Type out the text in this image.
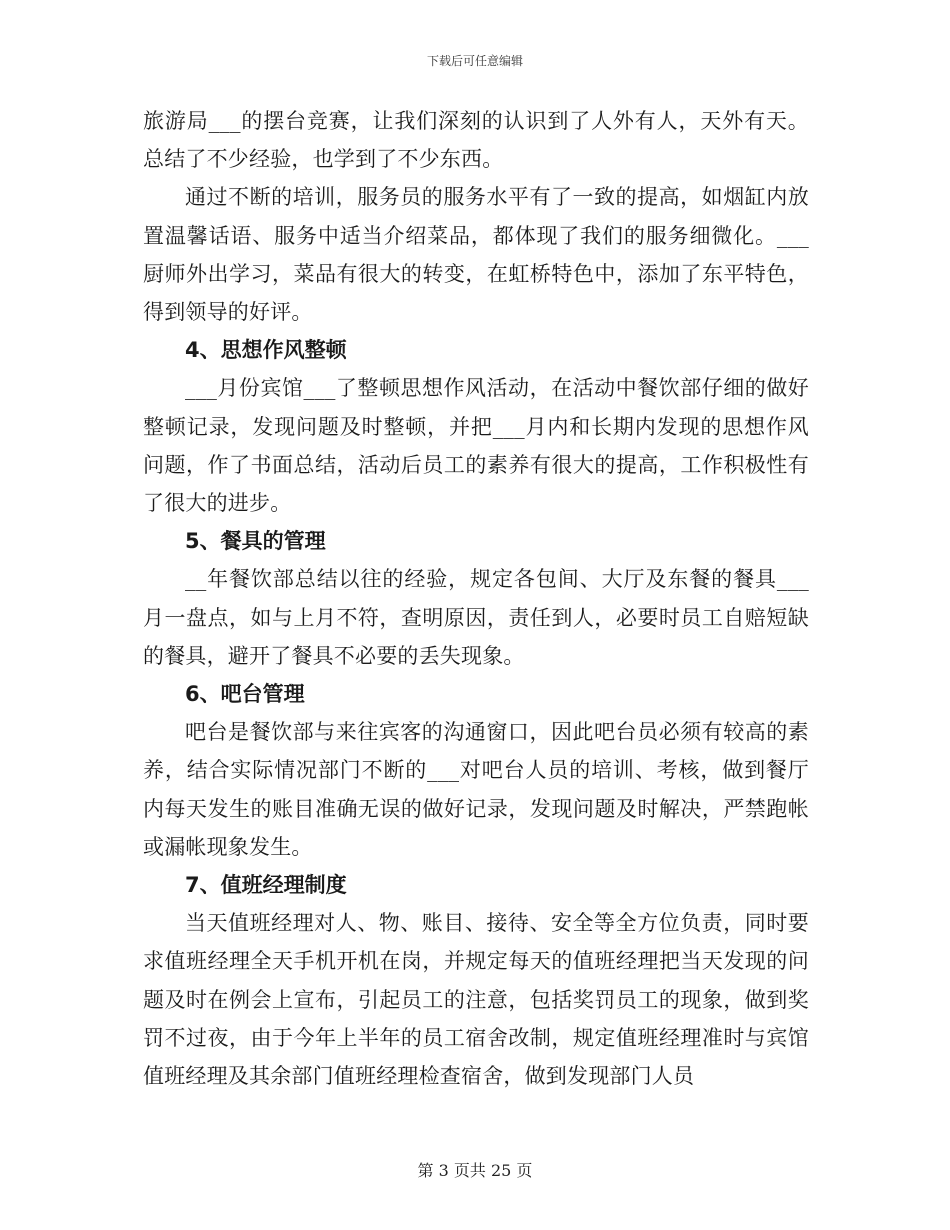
下载后可任意编辑

旅游局___的摆台竞赛，让我们深刻的认识到了人外有人，天外有天。总结了不少经验，也学到了不少东西。

通过不断的培训，服务员的服务水平有了一致的提高，如烟缸内放置温馨话语、服务中适当介绍菜品，都体现了我们的服务细微化。___厨师外出学习，菜品有很大的转变，在虹桥特色中，添加了东平特色，得到领导的好评。

4、思想作风整顿

___月份宾馆___了整顿思想作风活动，在活动中餐饮部仔细的做好整顿记录，发现问题及时整顿，并把___月内和长期内发现的思想作风问题，作了书面总结，活动后员工的素养有很大的提高，工作积极性有了很大的进步。

5、餐具的管理

__年餐饮部总结以往的经验，规定各包间、大厅及东餐的餐具___月一盘点，如与上月不符，查明原因，责任到人，必要时员工自赔短缺的餐具，避开了餐具不必要的丢失现象。

6、吧台管理

吧台是餐饮部与来往宾客的沟通窗口，因此吧台员必须有较高的素养，结合实际情况部门不断的___对吧台人员的培训、考核，做到餐厅内每天发生的账目准确无误的做好记录，发现问题及时解决，严禁跑帐或漏帐现象发生。

7、值班经理制度

当天值班经理对人、物、账目、接待、安全等全方位负责，同时要求值班经理全天手机开机在岗，并规定每天的值班经理把当天发现的问题及时在例会上宣布，引起员工的注意，包括奖罚员工的现象，做到奖罚不过夜，由于今年上半年的员工宿舍改制，规定值班经理准时与宾馆值班经理及其余部门值班经理检查宿舍，做到发现部门人员

第 3 页共 25 页
